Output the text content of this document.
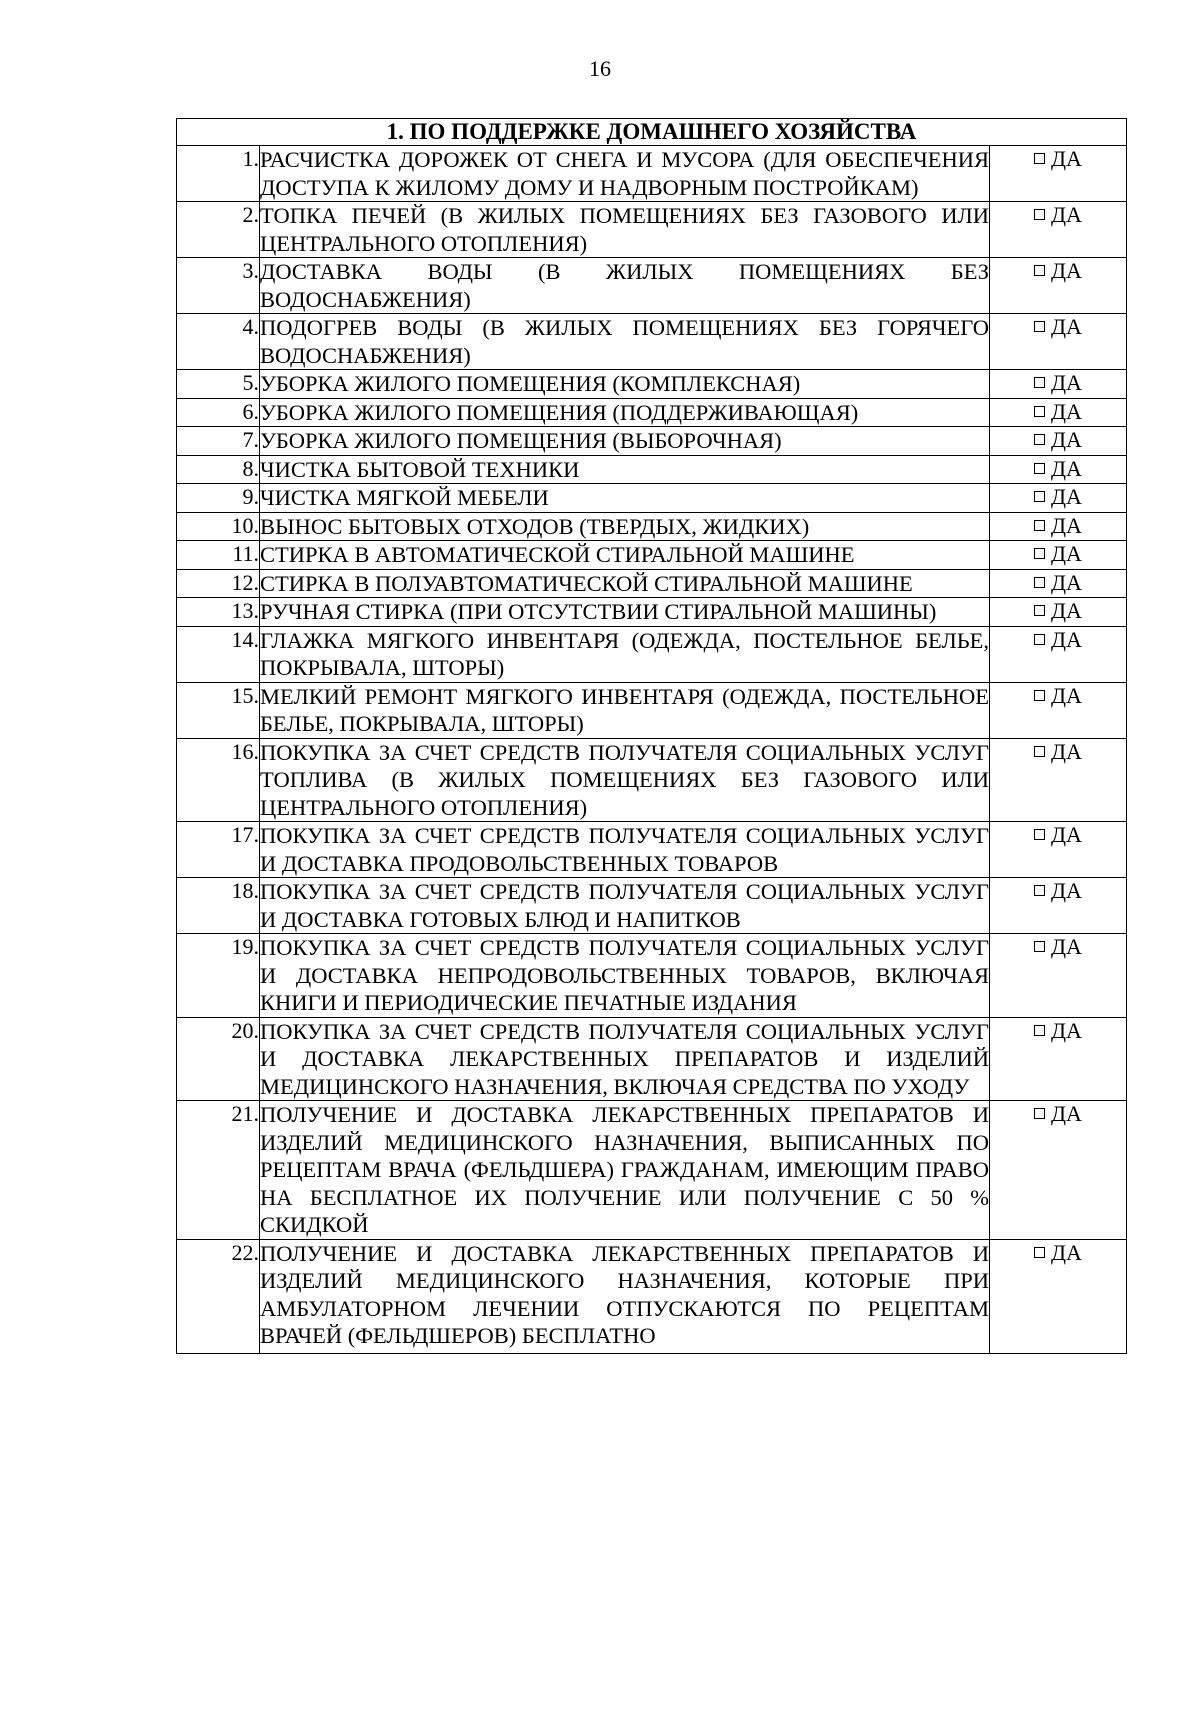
16
1. ПО ПОДДЕРЖКЕ ДОМАШНЕГО ХОЗЯЙСТВА		
1.	РАСЧИСТКА ДОРОЖЕК ОТ СНЕГА И МУСОРА (ДЛЯ ОБЕСПЕЧЕНИЯ ДОСТУПА К ЖИЛОМУ ДОМУ И НАДВОРНЫМ ПОСТРОЙКАМ)	ДА
2.	ТОПКА ПЕЧЕЙ (В ЖИЛЫХ ПОМЕЩЕНИЯХ БЕЗ ГАЗОВОГО ИЛИ ЦЕНТРАЛЬНОГО ОТОПЛЕНИЯ)	ДА
3.	ДОСТАВКА ВОДЫ (В ЖИЛЫХ ПОМЕЩЕНИЯХ БЕЗ ВОДОСНАБЖЕНИЯ)	ДА
4.	ПОДОГРЕВ ВОДЫ (В ЖИЛЫХ ПОМЕЩЕНИЯХ БЕЗ ГОРЯЧЕГО ВОДОСНАБЖЕНИЯ)	ДА
5.	УБОРКА ЖИЛОГО ПОМЕЩЕНИЯ (КОМПЛЕКСНАЯ)	ДА
6.	УБОРКА ЖИЛОГО ПОМЕЩЕНИЯ (ПОДДЕРЖИВАЮЩАЯ)	ДА
7.	УБОРКА ЖИЛОГО ПОМЕЩЕНИЯ (ВЫБОРОЧНАЯ)	ДА
8.	ЧИСТКА БЫТОВОЙ ТЕХНИКИ	ДА
9.	ЧИСТКА МЯГКОЙ МЕБЕЛИ	ДА
10.	ВЫНОС БЫТОВЫХ ОТХОДОВ (ТВЕРДЫХ, ЖИДКИХ)	ДА
11.	СТИРКА В АВТОМАТИЧЕСКОЙ СТИРАЛЬНОЙ МАШИНЕ	ДА
12.	СТИРКА В ПОЛУАВТОМАТИЧЕСКОЙ СТИРАЛЬНОЙ МАШИНЕ	ДА
13.	РУЧНАЯ СТИРКА (ПРИ ОТСУТСТВИИ СТИРАЛЬНОЙ МАШИНЫ)	ДА
14.	ГЛАЖКА МЯГКОГО ИНВЕНТАРЯ (ОДЕЖДА, ПОСТЕЛЬНОЕ БЕЛЬЕ, ПОКРЫВАЛА, ШТОРЫ)	ДА
15.	МЕЛКИЙ РЕМОНТ МЯГКОГО ИНВЕНТАРЯ (ОДЕЖДА, ПОСТЕЛЬНОЕ БЕЛЬЕ, ПОКРЫВАЛА, ШТОРЫ)	ДА
16.	ПОКУПКА ЗА СЧЕТ СРЕДСТВ ПОЛУЧАТЕЛЯ СОЦИАЛЬНЫХ УСЛУГ ТОПЛИВА (В ЖИЛЫХ ПОМЕЩЕНИЯХ БЕЗ ГАЗОВОГО ИЛИ ЦЕНТРАЛЬНОГО ОТОПЛЕНИЯ)	ДА
17.	ПОКУПКА ЗА СЧЕТ СРЕДСТВ ПОЛУЧАТЕЛЯ СОЦИАЛЬНЫХ УСЛУГ И ДОСТАВКА ПРОДОВОЛЬСТВЕННЫХ ТОВАРОВ	ДА
18.	ПОКУПКА ЗА СЧЕТ СРЕДСТВ ПОЛУЧАТЕЛЯ СОЦИАЛЬНЫХ УСЛУГ И ДОСТАВКА ГОТОВЫХ БЛЮД И НАПИТКОВ	ДА
19.	ПОКУПКА ЗА СЧЕТ СРЕДСТВ ПОЛУЧАТЕЛЯ СОЦИАЛЬНЫХ УСЛУГ И ДОСТАВКА НЕПРОДОВОЛЬСТВЕННЫХ ТОВАРОВ, ВКЛЮЧАЯ КНИГИ И ПЕРИОДИЧЕСКИЕ ПЕЧАТНЫЕ ИЗДАНИЯ	ДА
20.	ПОКУПКА ЗА СЧЕТ СРЕДСТВ ПОЛУЧАТЕЛЯ СОЦИАЛЬНЫХ УСЛУГ И ДОСТАВКА ЛЕКАРСТВЕННЫХ ПРЕПАРАТОВ И ИЗДЕЛИЙ МЕДИЦИНСКОГО НАЗНАЧЕНИЯ, ВКЛЮЧАЯ СРЕДСТВА ПО УХОДУ	ДА
21.	ПОЛУЧЕНИЕ И ДОСТАВКА ЛЕКАРСТВЕННЫХ ПРЕПАРАТОВ И ИЗДЕЛИЙ МЕДИЦИНСКОГО НАЗНАЧЕНИЯ, ВЫПИСАННЫХ ПО РЕЦЕПТАМ ВРАЧА (ФЕЛЬДШЕРА) ГРАЖДАНАМ, ИМЕЮЩИМ ПРАВО НА БЕСПЛАТНОЕ ИХ ПОЛУЧЕНИЕ ИЛИ ПОЛУЧЕНИЕ С 50 % СКИДКОЙ	ДА
22.	ПОЛУЧЕНИЕ И ДОСТАВКА ЛЕКАРСТВЕННЫХ ПРЕПАРАТОВ И ИЗДЕЛИЙ МЕДИЦИНСКОГО НАЗНАЧЕНИЯ, КОТОРЫЕ ПРИ АМБУЛАТОРНОМ ЛЕЧЕНИИ ОТПУСКАЮТСЯ ПО РЕЦЕПТАМ ВРАЧЕЙ (ФЕЛЬДШЕРОВ) БЕСПЛАТНО	ДА
